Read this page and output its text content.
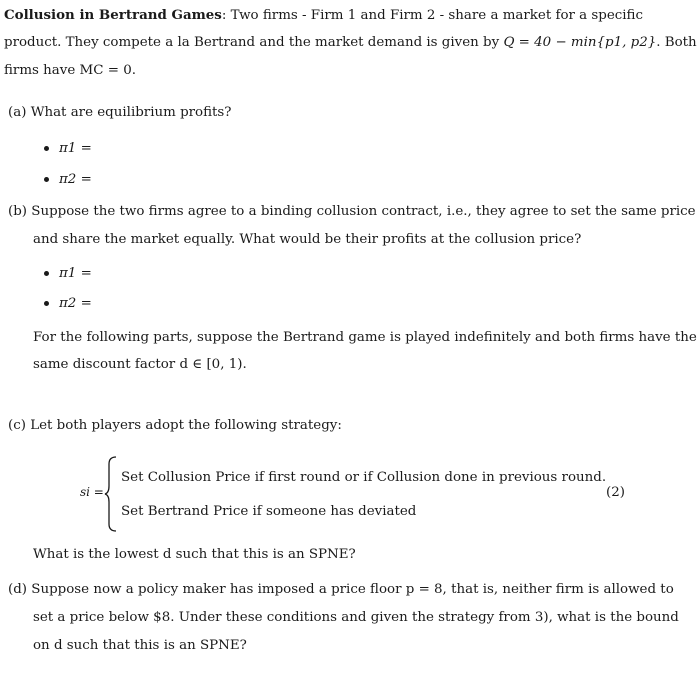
Collusion in Bertrand Games: Two firms - Firm 1 and Firm 2 - share a market for a specific
product. They compete a la Bertrand and the market demand is given by Q = 40 − min{p1, p2}. Both
firms have MC = 0.
(a) What are equilibrium profits?
π1 =
π2 =
(b) Suppose the two firms agree to a binding collusion contract, i.e., they agree to set the same price
and share the market equally. What would be their profits at the collusion price?
π1 =
π2 =
For the following parts, suppose the Bertrand game is played indefinitely and both firms have the
same discount factor d ∈ [0, 1).
(c) Let both players adopt the following strategy:
si =
Set Collusion Price if first round or if Collusion done in previous round.
Set Bertrand Price if someone has deviated
(2)
What is the lowest d such that this is an SPNE?
(d) Suppose now a policy maker has imposed a price floor p = 8, that is, neither firm is allowed to
set a price below $8. Under these conditions and given the strategy from 3), what is the bound
on d such that this is an SPNE?
